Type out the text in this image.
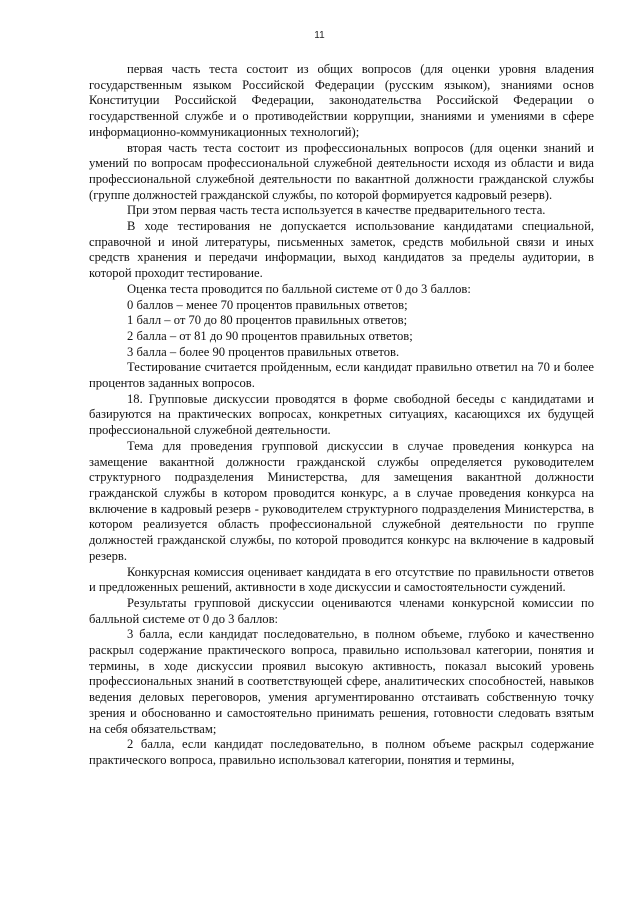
11

первая часть теста состоит из общих вопросов (для оценки уровня владения государственным языком Российской Федерации (русским языком), знаниями основ Конституции Российской Федерации, законодательства Российской Федерации о государственной службе и о противодействии коррупции, знаниями и умениями в сфере информационно-коммуникационных технологий);

вторая часть теста состоит из профессиональных вопросов (для оценки знаний и умений по вопросам профессиональной служебной деятельности исходя из области и вида профессиональной служебной деятельности по вакантной должности гражданской службы (группе должностей гражданской службы, по которой формируется кадровый резерв).

При этом первая часть теста используется в качестве предварительного теста.

В ходе тестирования не допускается использование кандидатами специальной, справочной и иной литературы, письменных заметок, средств мобильной связи и иных средств хранения и передачи информации, выход кандидатов за пределы аудитории, в которой проходит тестирование.

Оценка теста проводится по балльной системе от 0 до 3 баллов:

0 баллов – менее 70 процентов правильных ответов;

1 балл – от 70 до 80 процентов правильных ответов;

2 балла – от 81 до 90 процентов правильных ответов;

3 балла – более 90 процентов правильных ответов.

Тестирование считается пройденным, если кандидат правильно ответил на 70 и более процентов заданных вопросов.

18. Групповые дискуссии проводятся в форме свободной беседы с кандидатами и базируются на практических вопросах, конкретных ситуациях, касающихся их будущей профессиональной служебной деятельности.

Тема для проведения групповой дискуссии в случае проведения конкурса на замещение вакантной должности гражданской службы определяется руководителем структурного подразделения Министерства, для замещения вакантной должности гражданской службы в котором проводится конкурс, а в случае проведения конкурса на включение в кадровый резерв - руководителем структурного подразделения Министерства, в котором реализуется область профессиональной служебной деятельности по группе должностей гражданской службы, по которой проводится конкурс на включение в кадровый резерв.

Конкурсная комиссия оценивает кандидата в его отсутствие по правильности ответов и предложенных решений, активности в ходе дискуссии и самостоятельности суждений.

Результаты групповой дискуссии оцениваются членами конкурсной комиссии по балльной системе от 0 до 3 баллов:

3 балла, если кандидат последовательно, в полном объеме, глубоко и качественно раскрыл содержание практического вопроса, правильно использовал категории, понятия и термины, в ходе дискуссии проявил высокую активность, показал высокий уровень профессиональных знаний в соответствующей сфере, аналитических способностей, навыков ведения деловых переговоров, умения аргументированно отстаивать собственную точку зрения и обоснованно и самостоятельно принимать решения, готовности следовать взятым на себя обязательствам;

2 балла, если кандидат последовательно, в полном объеме раскрыл содержание практического вопроса, правильно использовал категории, понятия и термины,
